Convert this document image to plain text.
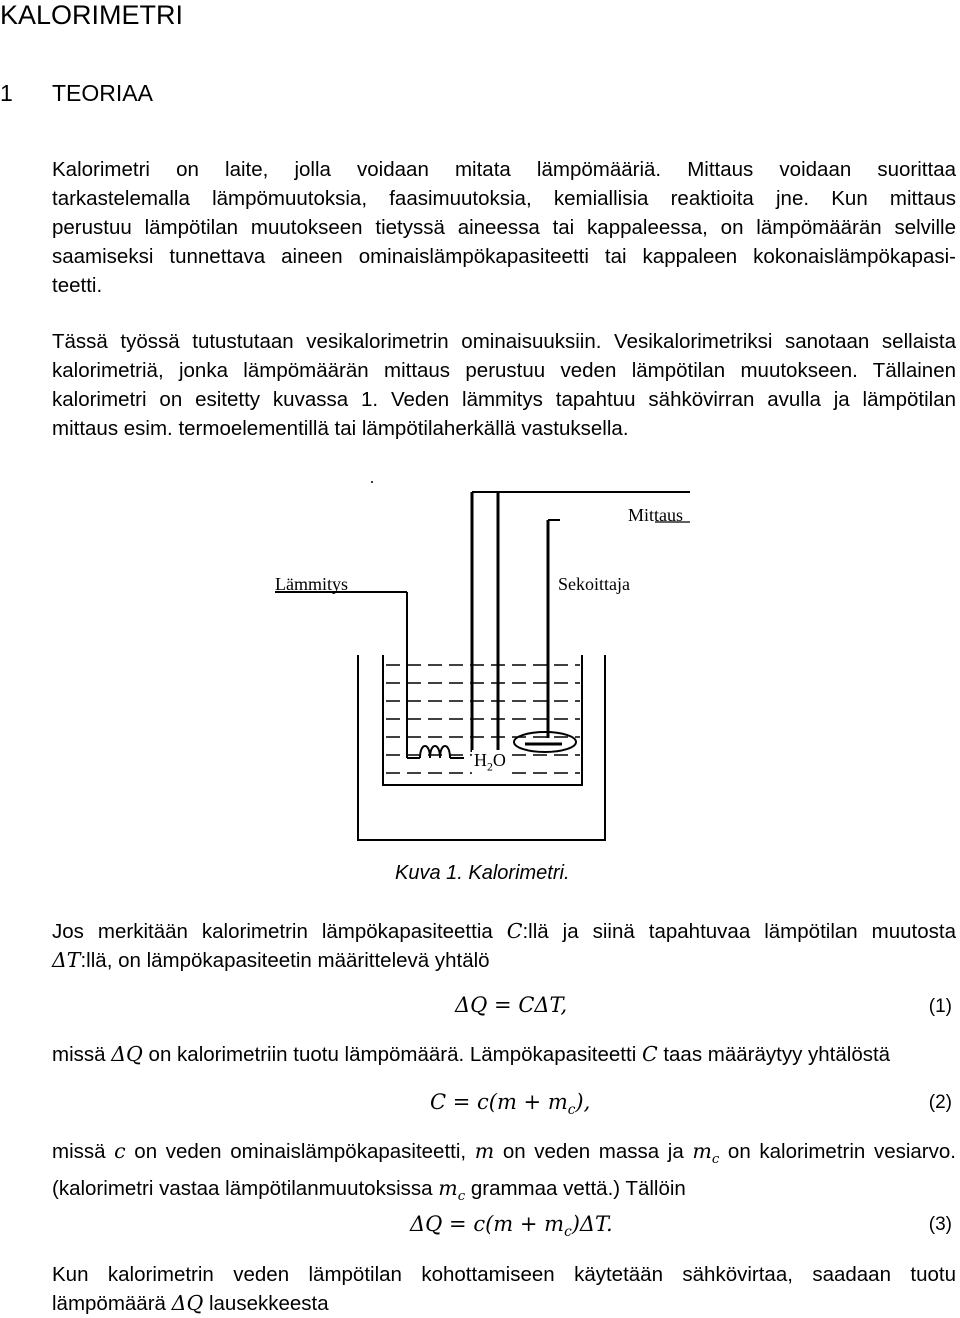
KALORIMETRI
1 TEORIAA

Kalorimetri on laite, jolla voidaan mitata lämpömääriä. Mittaus voidaan suorittaa
tarkastelemalla lämpömuutoksia, faasimuutoksia, kemiallisia reaktioita jne. Kun mittaus
perustuu lämpötilan muutokseen tietyssä aineessa tai kappaleessa, on lämpömäärän selville
saamiseksi tunnettava aineen ominaislämpökapasiteetti tai kappaleen kokonaislämpökapasi-
teetti.

Tässä työssä tutustutaan vesikalorimetrin ominaisuuksiin. Vesikalorimetriksi sanotaan sellaista
kalorimetriä, jonka lämpömäärän mittaus perustuu veden lämpötilan muutokseen. Tällainen
kalorimetri on esitetty kuvassa 1. Veden lämmitys tapahtuu sähkövirran avulla ja lämpötilan
mittaus esim. termoelementillä tai lämpötilaherkällä vastuksella.

Mittaus
Lämmitys	Sekoittaja
$H_2O$
Kuva 1. Kalorimetri.
Jos merkitään kalorimetrin lämpökapasiteettia C:llä ja siinä tapahtuvaa lämpötilan muutosta
ΔT:llä, on lämpökapasiteetin määrittelevä yhtälö
ΔQ = CΔT,	(1)
missä ΔQ on kalorimetriin tuotu lämpömäärä. Lämpökapasiteetti C taas määräytyy yhtälöstä
$C = c(m + m_c)$,	(2)
missä c on veden ominaislämpökapasiteetti, m on veden massa ja $m_c$ on kalorimetrin vesiarvo.
(kalorimetri vastaa lämpötilanmuutoksissa $m_c$ grammaa vettä.) Tällöin
$\Delta Q = c(m + m_c)\Delta T$.	(3)
Kun kalorimetrin veden lämpötilan kohottamiseen käytetään sähkövirtaa, saadaan tuotu
lämpömäärä ΔQ lausekkeesta
